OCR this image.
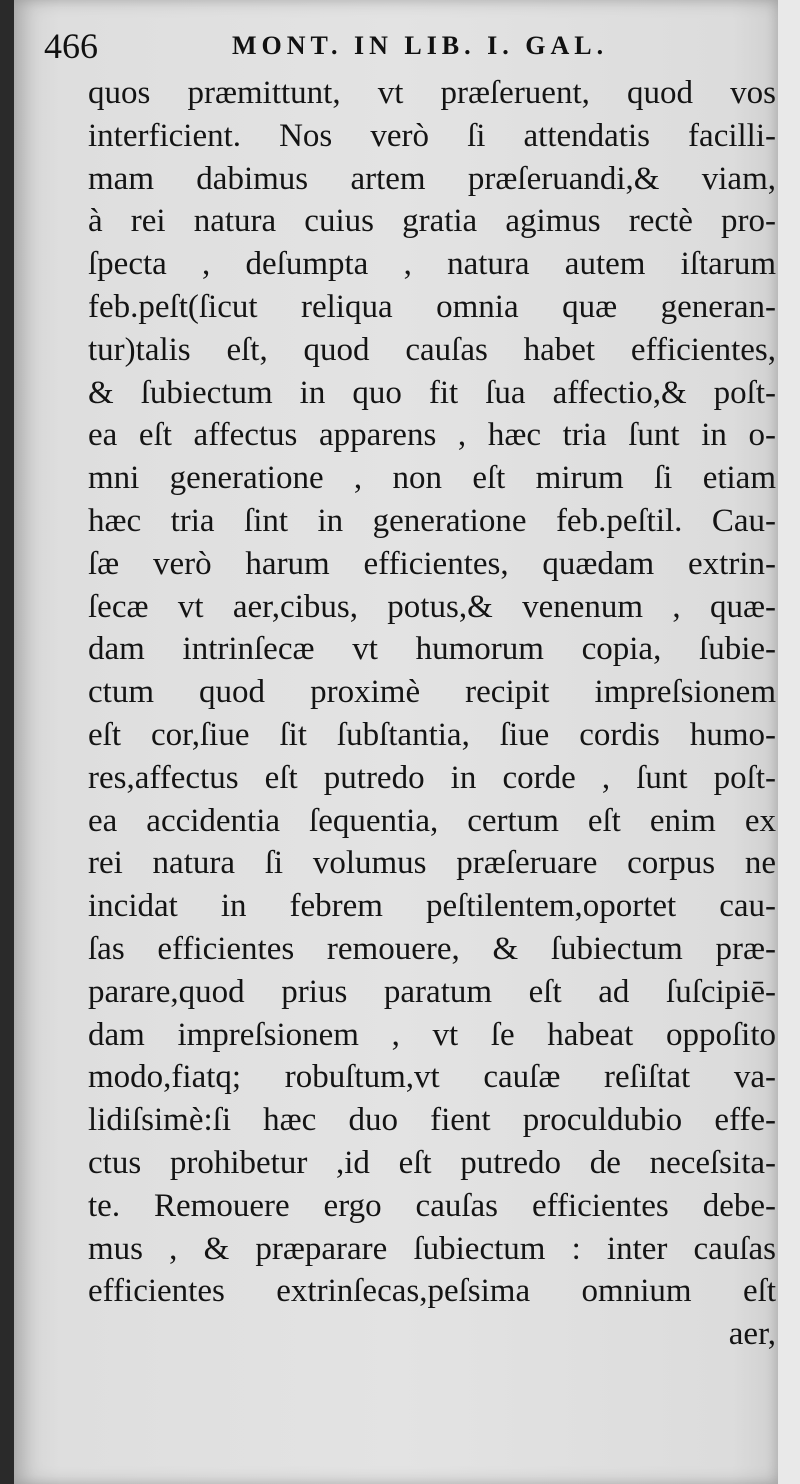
466	MONT. IN LIB. I. GAL.
quos præmittunt, vt præſeruent, quod vos
interficient. Nos verò ſi attendatis facilli-
mam dabimus artem præſeruandi,& viam,
à rei natura cuius gratia agimus rectè pro-
ſpecta , deſumpta , natura autem iſtarum
feb.peſt(ſicut reliqua omnia quæ generan-
tur)talis eſt, quod cauſas habet efficientes,
& ſubiectum in quo fit ſua affectio,& poſt-
ea eſt affectus apparens , hæc tria ſunt in o-
mni generatione , non eſt mirum ſi etiam
hæc tria ſint in generatione feb.peſtil. Cau-
ſæ verò harum efficientes, quædam extrin-
ſecæ vt aer,cibus, potus,& venenum , quæ-
dam intrinſecæ vt humorum copia, ſubie-
ctum quod proximè recipit impreſsionem
eſt cor,ſiue ſit ſubſtantia, ſiue cordis humo-
res,affectus eſt putredo in corde , ſunt poſt-
ea accidentia ſequentia, certum eſt enim ex
rei natura ſi volumus præſeruare corpus ne
incidat in febrem peſtilentem,oportet cau-
ſas efficientes remouere, & ſubiectum præ-
parare,quod prius paratum eſt ad ſuſcipiē-
dam impreſsionem , vt ſe habeat oppoſito
modo,fiatq; robuſtum,vt cauſæ reſiſtat va-
lidiſsimè:ſi hæc duo fient proculdubio effe-
ctus prohibetur ,id eſt putredo de neceſsita-
te. Remouere ergo cauſas efficientes debe-
mus , & præparare ſubiectum : inter cauſas
efficientes extrinſecas,peſsima omnium eſt
aer,
